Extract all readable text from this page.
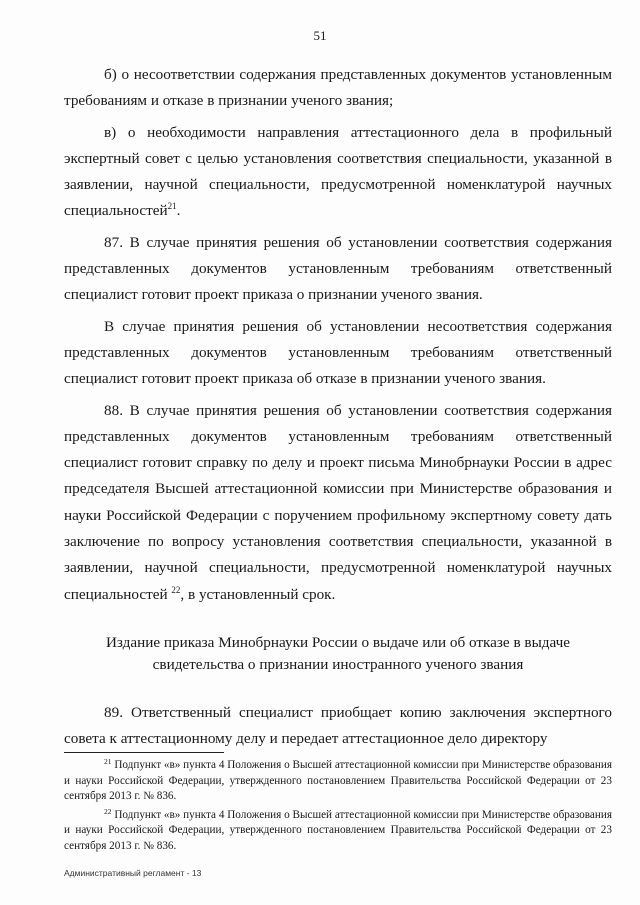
51

б) о несоответствии содержания представленных документов установленным требованиям и отказе в признании ученого звания;

в) о необходимости направления аттестационного дела в профильный экспертный совет с целью установления соответствия специальности, указанной в заявлении, научной специальности, предусмотренной номенклатурой научных специальностей$^{21}$.

87. В случае принятия решения об установлении соответствия содержания представленных документов установленным требованиям ответственный специалист готовит проект приказа о признании ученого звания.

В случае принятия решения об установлении несоответствия содержания представленных документов установленным требованиям ответственный специалист готовит проект приказа об отказе в признании ученого звания.

88. В случае принятия решения об установлении соответствия содержания представленных документов установленным требованиям ответственный специалист готовит справку по делу и проект письма Минобрнауки России в адрес председателя Высшей аттестационной комиссии при Министерстве образования и науки Российской Федерации с поручением профильному экспертному совету дать заключение по вопросу установления соответствия специальности, указанной в заявлении, научной специальности, предусмотренной номенклатурой научных специальностей $^{22}$, в установленный срок.

Издание приказа Минобрнауки России о выдаче или об отказе в выдаче
свидетельства о признании иностранного ученого звания

89. Ответственный специалист приобщает копию заключения экспертного совета к аттестационному делу и передает аттестационное дело директору

$^{21}$ Подпункт «в» пункта 4 Положения о Высшей аттестационной комиссии при Министерстве образования и науки Российской Федерации, утвержденного постановлением Правительства Российской Федерации от 23 сентября 2013 г. № 836.

$^{22}$ Подпункт «в» пункта 4 Положения о Высшей аттестационной комиссии при Министерстве образования и науки Российской Федерации, утвержденного постановлением Правительства Российской Федерации от 23 сентября 2013 г. № 836.

Административный регламент - 13
